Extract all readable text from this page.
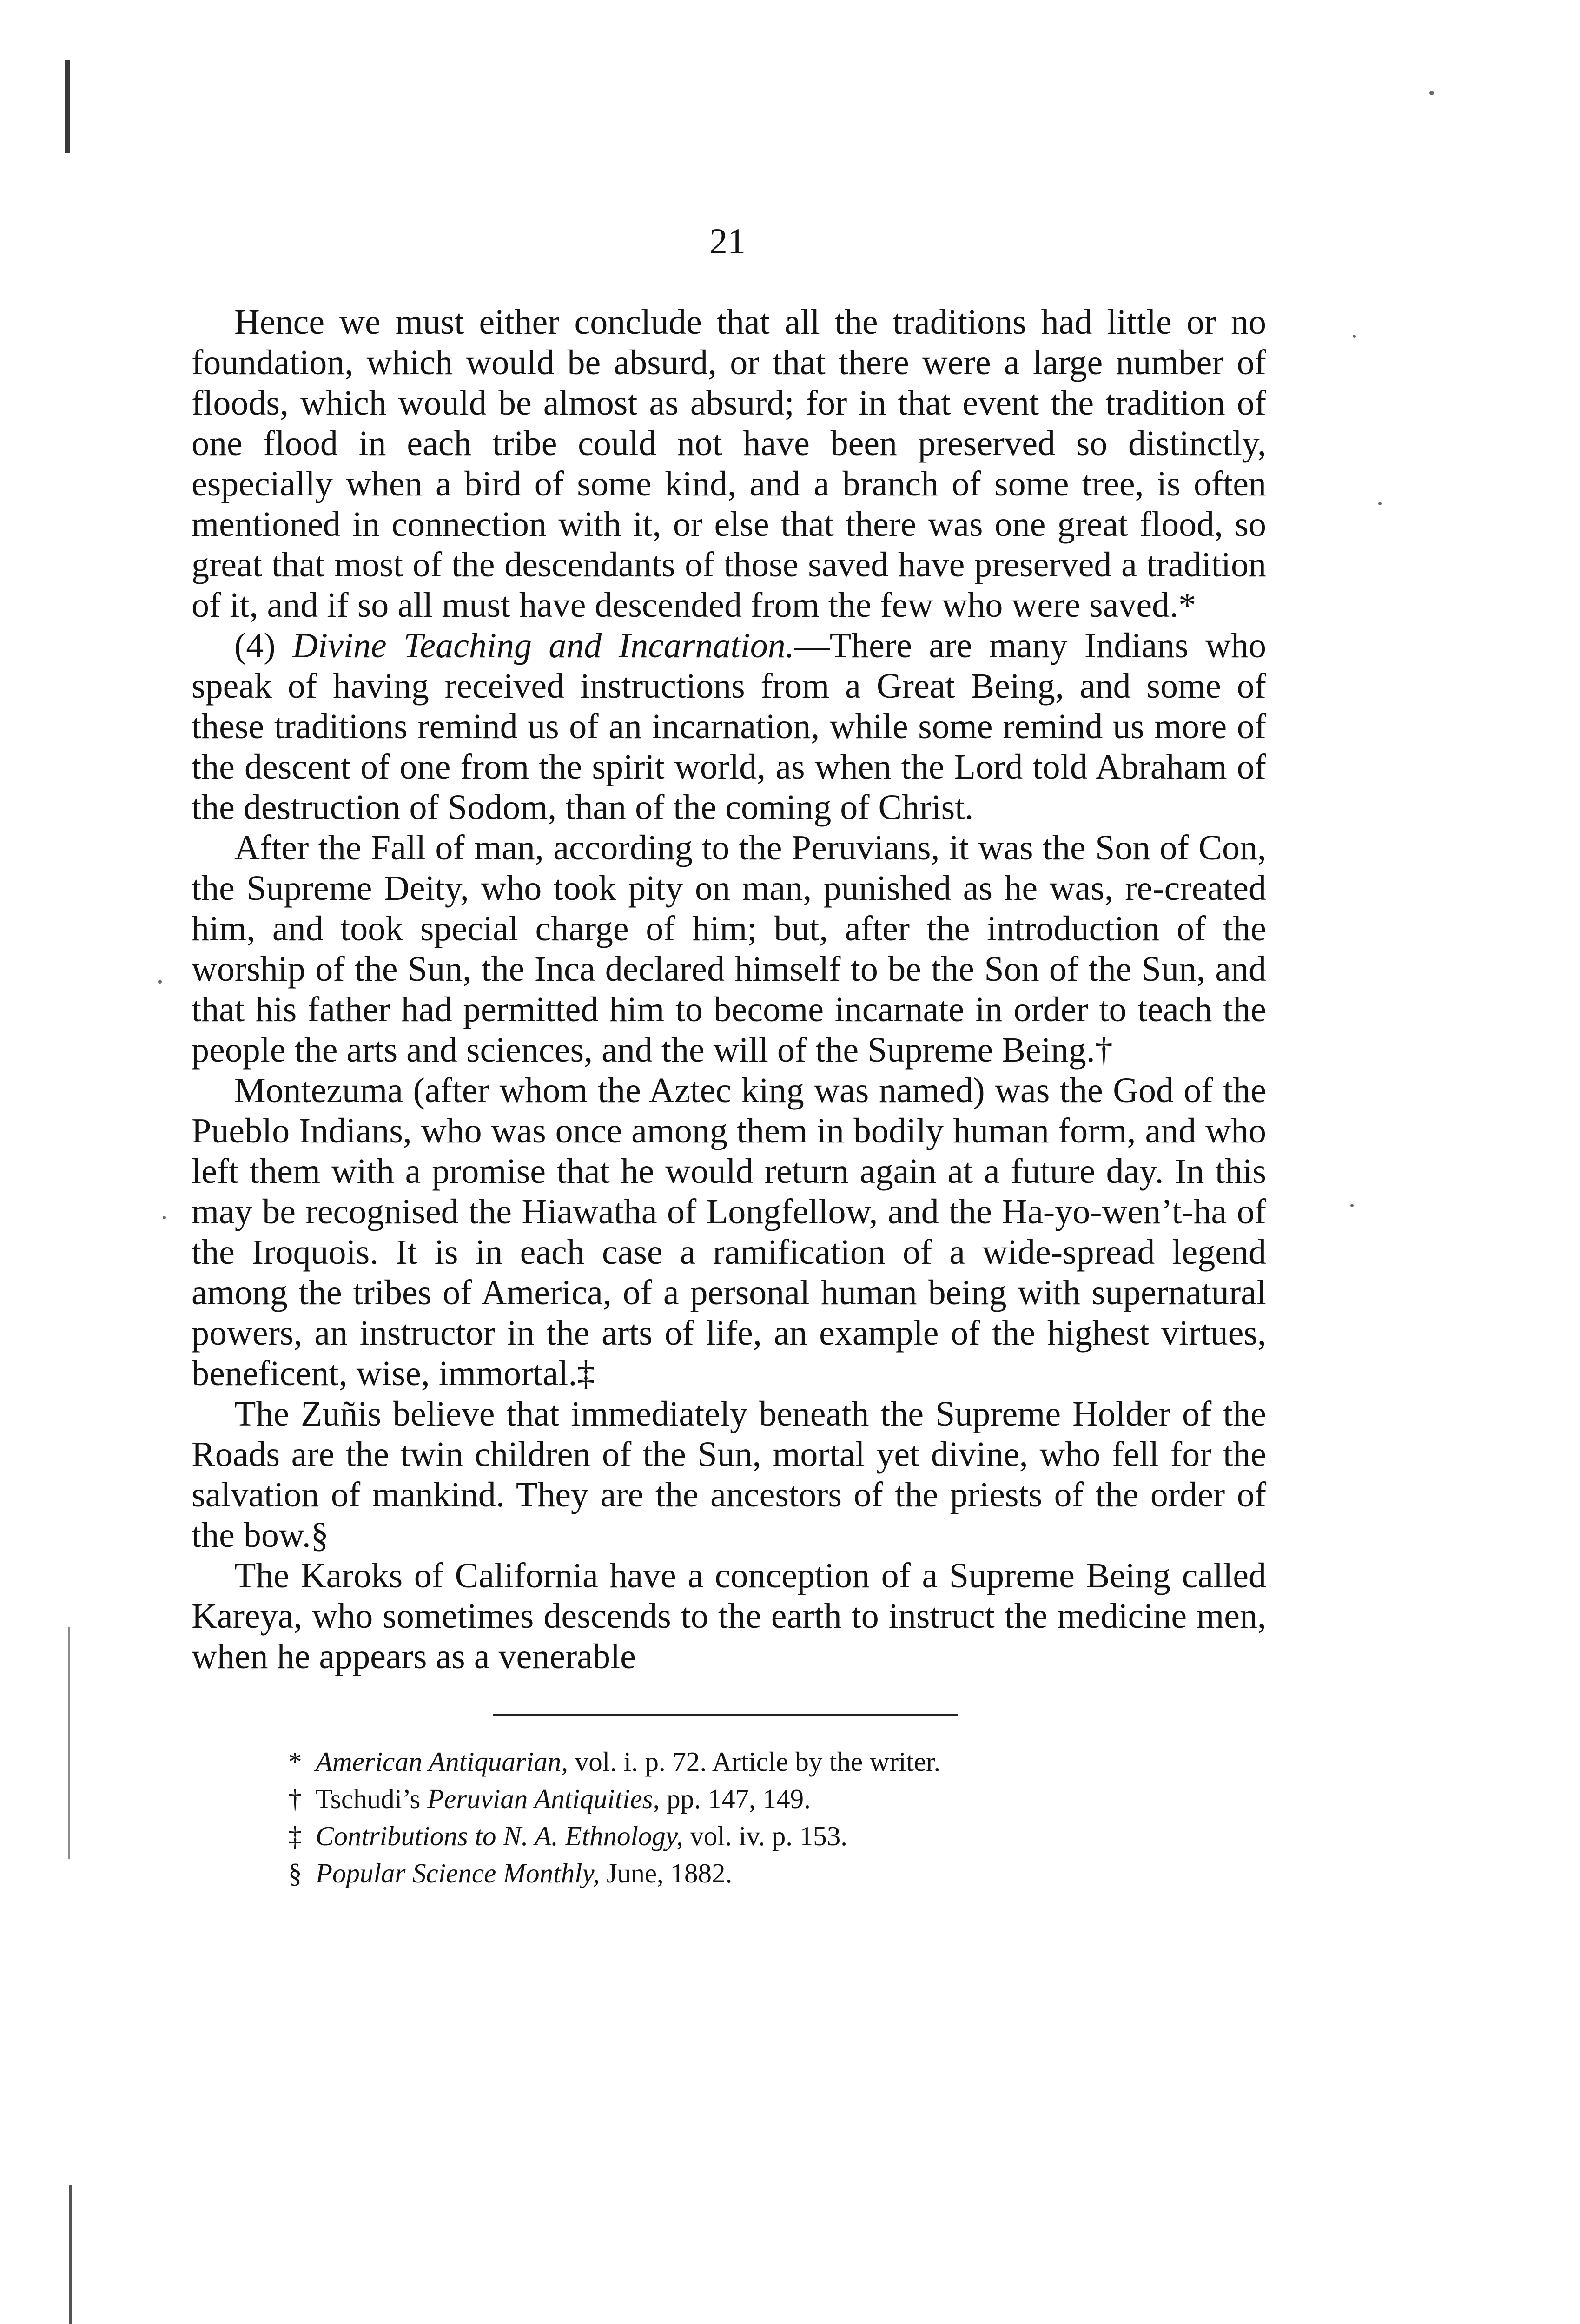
21

Hence we must either conclude that all the traditions had little or no foundation, which would be absurd, or that there were a large number of floods, which would be almost as absurd; for in that event the tradition of one flood in each tribe could not have been preserved so distinctly, especially when a bird of some kind, and a branch of some tree, is often mentioned in connection with it, or else that there was one great flood, so great that most of the descendants of those saved have preserved a tradition of it, and if so all must have descended from the few who were saved.*

(4) Divine Teaching and Incarnation.—There are many Indians who speak of having received instructions from a Great Being, and some of these traditions remind us of an incarnation, while some remind us more of the descent of one from the spirit world, as when the Lord told Abraham of the destruction of Sodom, than of the coming of Christ.

After the Fall of man, according to the Peruvians, it was the Son of Con, the Supreme Deity, who took pity on man, punished as he was, re-created him, and took special charge of him; but, after the introduction of the worship of the Sun, the Inca declared himself to be the Son of the Sun, and that his father had permitted him to become incarnate in order to teach the people the arts and sciences, and the will of the Supreme Being.†

Montezuma (after whom the Aztec king was named) was the God of the Pueblo Indians, who was once among them in bodily human form, and who left them with a promise that he would return again at a future day. In this may be recognised the Hiawatha of Longfellow, and the Ha-yo-wen’t-ha of the Iroquois. It is in each case a ramification of a wide-spread legend among the tribes of America, of a personal human being with supernatural powers, an instructor in the arts of life, an example of the highest virtues, beneficent, wise, immortal.‡

The Zuñis believe that immediately beneath the Supreme Holder of the Roads are the twin children of the Sun, mortal yet divine, who fell for the salvation of mankind. They are the ancestors of the priests of the order of the bow.§

The Karoks of California have a conception of a Supreme Being called Kareya, who sometimes descends to the earth to instruct the medicine men, when he appears as a venerable

* American Antiquarian, vol. i. p. 72. Article by the writer.

† Tschudi’s Peruvian Antiquities, pp. 147, 149.

‡ Contributions to N. A. Ethnology, vol. iv. p. 153.

§ Popular Science Monthly, June, 1882.
